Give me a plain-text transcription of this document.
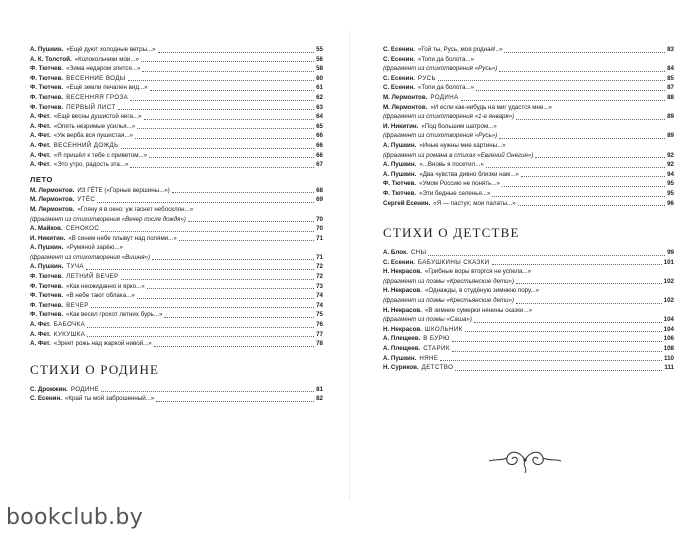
А. Пушкин. «Ещё дуют холодные ветры...»	55
А. К. Толстой. «Колокольчики мои...»	56
Ф. Тютчев. «Зима недаром злится...»	58
Ф. Тютчев. ВЕСЕННИЕ ВОДЫ	60
Ф. Тютчев. «Ещё земли печален вид...»	61
Ф. Тютчев. ВЕСЕННЯЯ ГРОЗА	62
Ф. Тютчев. ПЕРВЫЙ ЛИСТ	63
А. Фет. «Ещё весны душистой нега...»	64
А. Фет. «Опять незримые усилья...»	65
А. Фет. «Уж верба вся пушистая...»	66
А. Фет. ВЕСЕННИЙ ДОЖДЬ	66
А. Фет. «Я пришёл к тебе с приветом...»	66
А. Фет. «Это утро, радость эта...»	67
ЛЕТО
М. Лермонтов. ИЗ ГЁТЕ («Горные вершины...»)	68
М. Лермонтов. УТЁС	69
М. Лермонтов. «Гляну я в окно: уж гаснет небосклон...»
(фрагмент из стихотворения «Вечер после дождя»)	70
А. Майков. СЕНОКОС	70
И. Никитин. «В синем небе плывут над полями...»	71
А. Пушкин. «Румяной зарёю...»
(фрагмент из стихотворения «Вишня»)	71
А. Пушкин. ТУЧА	72
Ф. Тютчев. ЛЕТНИЙ ВЕЧЕР	72
Ф. Тютчев. «Как неожиданно и ярко...»	73
Ф. Тютчев. «В небе тают облака...»	74
Ф. Тютчев. ВЕЧЕР	74
Ф. Тютчев. «Как весел грохот летних бурь...»	75
А. Фет. БАБОЧКА	76
А. Фет. КУКУШКА	77
А. Фет. «Зреет рожь над жаркой нивой...»	78
СТИХИ О РОДИНЕ
С. Дрожжин. РОДИНЕ	81
С. Есенин. «Край ты мой заброшенный...»	82
С. Есенин. «Гой ты, Русь, моя родная!..»	83
С. Есенин. «Топи да болота...»
(фрагмент из стихотворения «Русь»)	84
С. Есенин. РУСЬ	85
С. Есенин. «Топи да болота...»	87
М. Лермонтов. РОДИНА	88
М. Лермонтов. «И если как-нибудь на миг удастся мне...»
(фрагмент из стихотворения «1-е января»)	89
И. Никитин. «Под большим шатром...»
(фрагмент из стихотворения «Русь»)	89
А. Пушкин. «Иные нужны мне картины...»
(фрагмент из романа в стихах «Евгений Онегин»)	92
А. Пушкин. «...Вновь я посетил...»	92
А. Пушкин. «Два чувства дивно близки нам...»	94
Ф. Тютчев. «Умом Россию не понять...»	95
Ф. Тютчев. «Эти бедные селенья...»	95
Сергей Есенин. «Я — пастух; мои палаты...»	96
СТИХИ О ДЕТСТВЕ
А. Блок. СНЫ	99
С. Есенин. БАБУШКИНЫ СКАЗКИ	101
Н. Некрасов. «Грибные воры вторгся не успела...»
(фрагмент из поэмы «Крестьянские дети»)	102
Н. Некрасов. «Однажды, в студёную зимнюю пору...»
(фрагмент из поэмы «Крестьянские дети»)	102
Н. Некрасов. «В зимние сумерки нянины сказки...»
(фрагмент из поэмы «Саша»)	104
Н. Некрасов. ШКОЛЬНИК	104
А. Плещеев. В БУРЮ	106
А. Плещеев. СТАРИК	108
А. Пушкин. НЯНЕ	110
Н. Суриков. ДЕТСТВО	111
bookclub.by
